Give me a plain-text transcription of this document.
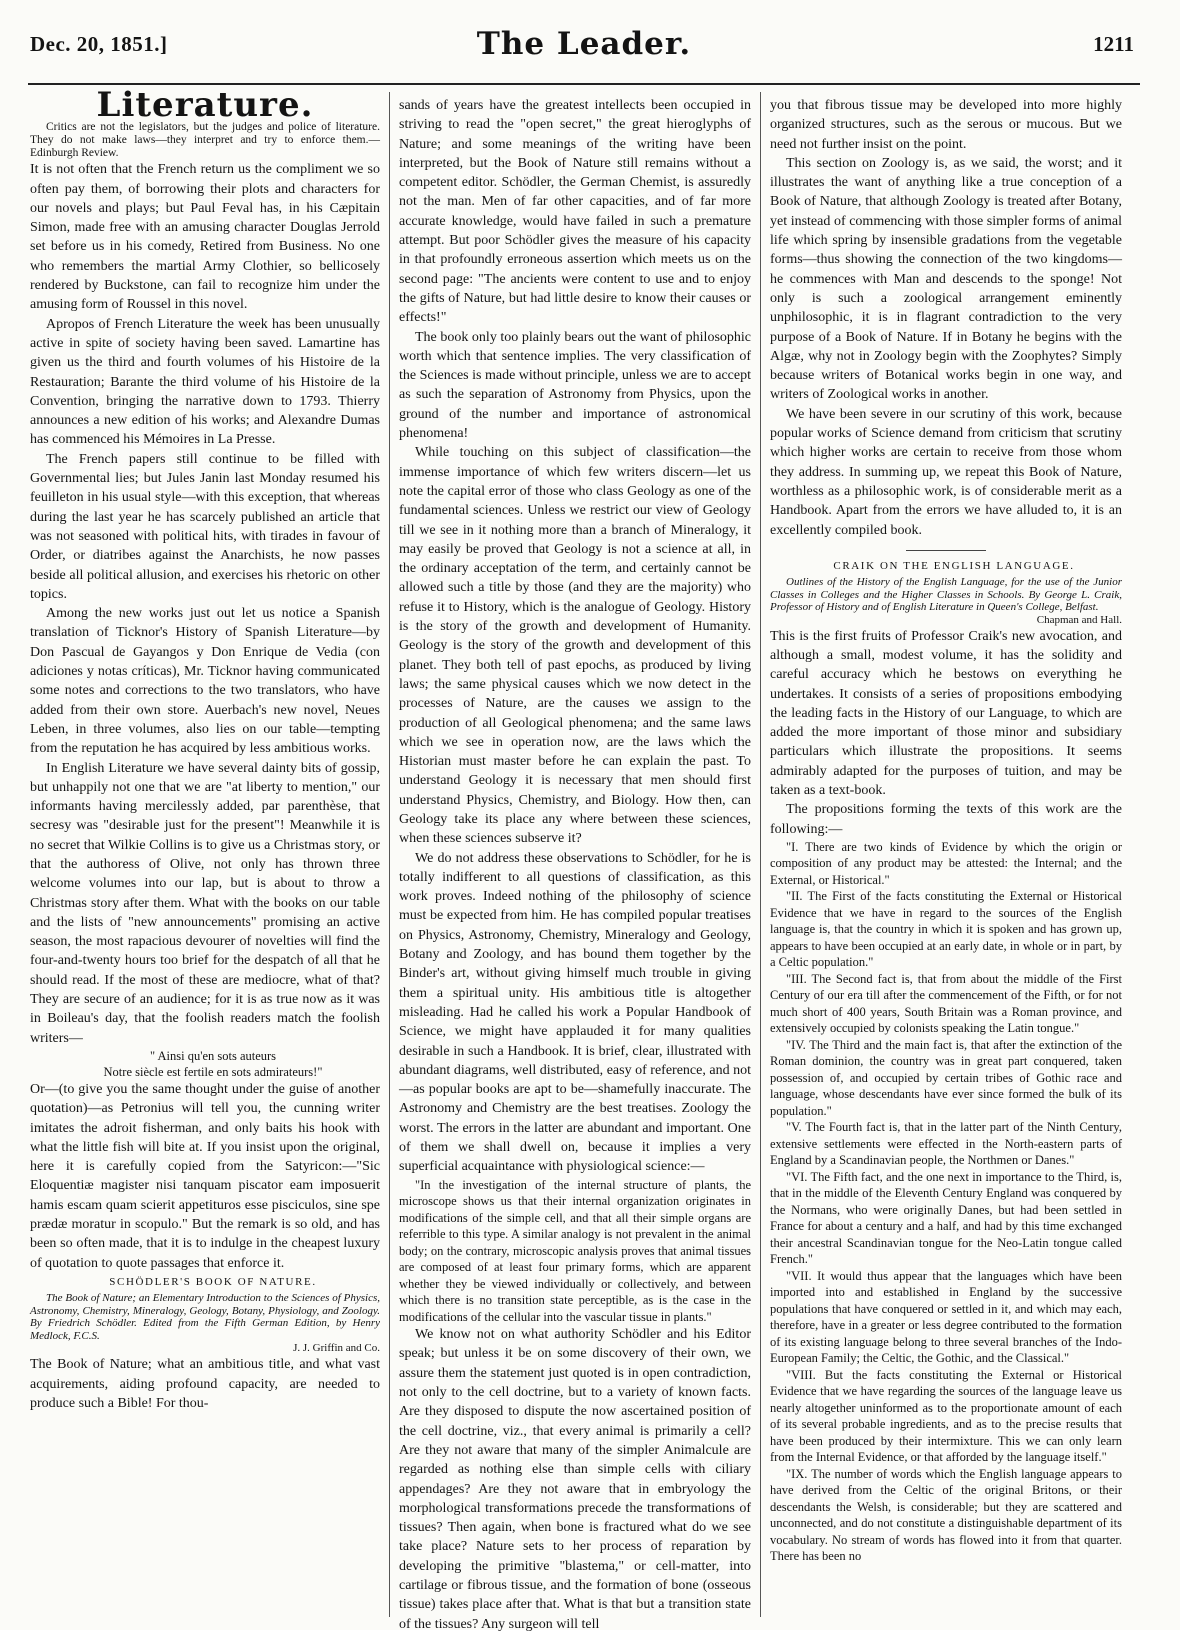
Dec. 20, 1851.]	The Leader.	1211
Literature.

Critics are not the legislators, but the judges and police of literature. They do not make laws—they interpret and try to enforce them.—Edinburgh Review.

It is not often that the French return us the compliment we so often pay them, of borrowing their plots and characters for our novels and plays; but Paul Feval has, in his Cæpitain Simon, made free with an amusing character Douglas Jerrold set before us in his comedy, Retired from Business. No one who remembers the martial Army Clothier, so bellicosely rendered by Buckstone, can fail to recognize him under the amusing form of Roussel in this novel.

Apropos of French Literature the week has been unusually active in spite of society having been saved. Lamartine has given us the third and fourth volumes of his Histoire de la Restauration; Barante the third volume of his Histoire de la Convention, bringing the narrative down to 1793. Thierry announces a new edition of his works; and Alexandre Dumas has commenced his Mémoires in La Presse.

The French papers still continue to be filled with Governmental lies; but Jules Janin last Monday resumed his feuilleton in his usual style—with this exception, that whereas during the last year he has scarcely published an article that was not seasoned with political hits, with tirades in favour of Order, or diatribes against the Anarchists, he now passes beside all political allusion, and exercises his rhetoric on other topics.

Among the new works just out let us notice a Spanish translation of Ticknor's History of Spanish Literature—by Don Pascual de Gayangos y Don Enrique de Vedia (con adiciones y notas críticas), Mr. Ticknor having communicated some notes and corrections to the two translators, who have added from their own store. Auerbach's new novel, Neues Leben, in three volumes, also lies on our table—tempting from the reputation he has acquired by less ambitious works.

In English Literature we have several dainty bits of gossip, but unhappily not one that we are "at liberty to mention," our informants having mercilessly added, par parenthèse, that secresy was "desirable just for the present"! Meanwhile it is no secret that Wilkie Collins is to give us a Christmas story, or that the authoress of Olive, not only has thrown three welcome volumes into our lap, but is about to throw a Christmas story after them. What with the books on our table and the lists of "new announcements" promising an active season, the most rapacious devourer of novelties will find the four-and-twenty hours too brief for the despatch of all that he should read. If the most of these are mediocre, what of that? They are secure of an audience; for it is as true now as it was in Boileau's day, that the foolish readers match the foolish writers—

" Ainsi qu'en sots auteurs

Notre siècle est fertile en sots admirateurs!"

Or—(to give you the same thought under the guise of another quotation)—as Petronius will tell you, the cunning writer imitates the adroit fisherman, and only baits his hook with what the little fish will bite at. If you insist upon the original, here it is carefully copied from the Satyricon:—"Sic Eloquentiæ magister nisi tanquam piscator eam imposuerit hamis escam quam scierit appetituros esse pisciculos, sine spe prædæ moratur in scopulo." But the remark is so old, and has been so often made, that it is to indulge in the cheapest luxury of quotation to quote passages that enforce it.

SCHÖDLER'S BOOK OF NATURE.

The Book of Nature; an Elementary Introduction to the Sciences of Physics, Astronomy, Chemistry, Mineralogy, Geology, Botany, Physiology, and Zoology. By Friedrich Schödler. Edited from the Fifth German Edition, by Henry Medlock, F.C.S.

J. J. Griffin and Co.

The Book of Nature; what an ambitious title, and what vast acquirements, aiding profound capacity, are needed to produce such a Bible! For thou-

sands of years have the greatest intellects been occupied in striving to read the "open secret," the great hieroglyphs of Nature; and some meanings of the writing have been interpreted, but the Book of Nature still remains without a competent editor. Schödler, the German Chemist, is assuredly not the man. Men of far other capacities, and of far more accurate knowledge, would have failed in such a premature attempt. But poor Schödler gives the measure of his capacity in that profoundly erroneous assertion which meets us on the second page: "The ancients were content to use and to enjoy the gifts of Nature, but had little desire to know their causes or effects!"

The book only too plainly bears out the want of philosophic worth which that sentence implies. The very classification of the Sciences is made without principle, unless we are to accept as such the separation of Astronomy from Physics, upon the ground of the number and importance of astronomical phenomena!

While touching on this subject of classification—the immense importance of which few writers discern—let us note the capital error of those who class Geology as one of the fundamental sciences. Unless we restrict our view of Geology till we see in it nothing more than a branch of Mineralogy, it may easily be proved that Geology is not a science at all, in the ordinary acceptation of the term, and certainly cannot be allowed such a title by those (and they are the majority) who refuse it to History, which is the analogue of Geology. History is the story of the growth and development of Humanity. Geology is the story of the growth and development of this planet. They both tell of past epochs, as produced by living laws; the same physical causes which we now detect in the processes of Nature, are the causes we assign to the production of all Geological phenomena; and the same laws which we see in operation now, are the laws which the Historian must master before he can explain the past. To understand Geology it is necessary that men should first understand Physics, Chemistry, and Biology. How then, can Geology take its place any where between these sciences, when these sciences subserve it?

We do not address these observations to Schödler, for he is totally indifferent to all questions of classification, as this work proves. Indeed nothing of the philosophy of science must be expected from him. He has compiled popular treatises on Physics, Astronomy, Chemistry, Mineralogy and Geology, Botany and Zoology, and has bound them together by the Binder's art, without giving himself much trouble in giving them a spiritual unity. His ambitious title is altogether misleading. Had he called his work a Popular Handbook of Science, we might have applauded it for many qualities desirable in such a Handbook. It is brief, clear, illustrated with abundant diagrams, well distributed, easy of reference, and not—as popular books are apt to be—shamefully inaccurate. The Astronomy and Chemistry are the best treatises. Zoology the worst. The errors in the latter are abundant and important. One of them we shall dwell on, because it implies a very superficial acquaintance with physiological science:—

"In the investigation of the internal structure of plants, the microscope shows us that their internal organization originates in modifications of the simple cell, and that all their simple organs are referrible to this type. A similar analogy is not prevalent in the animal body; on the contrary, microscopic analysis proves that animal tissues are composed of at least four primary forms, which are apparent whether they be viewed individually or collectively, and between which there is no transition state perceptible, as is the case in the modifications of the cellular into the vascular tissue in plants."

We know not on what authority Schödler and his Editor speak; but unless it be on some discovery of their own, we assure them the statement just quoted is in open contradiction, not only to the cell doctrine, but to a variety of known facts. Are they disposed to dispute the now ascertained position of the cell doctrine, viz., that every animal is primarily a cell? Are they not aware that many of the simpler Animalcule are regarded as nothing else than simple cells with ciliary appendages? Are they not aware that in embryology the morphological transformations precede the transformations of tissues? Then again, when bone is fractured what do we see take place? Nature sets to her process of reparation by developing the primitive "blastema," or cell-matter, into cartilage or fibrous tissue, and the formation of bone (osseous tissue) takes place after that. What is that but a transition state of the tissues? Any surgeon will tell

you that fibrous tissue may be developed into more highly organized structures, such as the serous or mucous. But we need not further insist on the point.

This section on Zoology is, as we said, the worst; and it illustrates the want of anything like a true conception of a Book of Nature, that although Zoology is treated after Botany, yet instead of commencing with those simpler forms of animal life which spring by insensible gradations from the vegetable forms—thus showing the connection of the two kingdoms—he commences with Man and descends to the sponge! Not only is such a zoological arrangement eminently unphilosophic, it is in flagrant contradiction to the very purpose of a Book of Nature. If in Botany he begins with the Algæ, why not in Zoology begin with the Zoophytes? Simply because writers of Botanical works begin in one way, and writers of Zoological works in another.

We have been severe in our scrutiny of this work, because popular works of Science demand from criticism that scrutiny which higher works are certain to receive from those whom they address. In summing up, we repeat this Book of Nature, worthless as a philosophic work, is of considerable merit as a Handbook. Apart from the errors we have alluded to, it is an excellently compiled book.

CRAIK ON THE ENGLISH LANGUAGE.

Outlines of the History of the English Language, for the use of the Junior Classes in Colleges and the Higher Classes in Schools. By George L. Craik, Professor of History and of English Literature in Queen's College, Belfast.

Chapman and Hall.

This is the first fruits of Professor Craik's new avocation, and although a small, modest volume, it has the solidity and careful accuracy which he bestows on everything he undertakes. It consists of a series of propositions embodying the leading facts in the History of our Language, to which are added the more important of those minor and subsidiary particulars which illustrate the propositions. It seems admirably adapted for the purposes of tuition, and may be taken as a text-book.

The propositions forming the texts of this work are the following:—

"I. There are two kinds of Evidence by which the origin or composition of any product may be attested: the Internal; and the External, or Historical."

"II. The First of the facts constituting the External or Historical Evidence that we have in regard to the sources of the English language is, that the country in which it is spoken and has grown up, appears to have been occupied at an early date, in whole or in part, by a Celtic population."

"III. The Second fact is, that from about the middle of the First Century of our era till after the commencement of the Fifth, or for not much short of 400 years, South Britain was a Roman province, and extensively occupied by colonists speaking the Latin tongue."

"IV. The Third and the main fact is, that after the extinction of the Roman dominion, the country was in great part conquered, taken possession of, and occupied by certain tribes of Gothic race and language, whose descendants have ever since formed the bulk of its population."

"V. The Fourth fact is, that in the latter part of the Ninth Century, extensive settlements were effected in the North-eastern parts of England by a Scandinavian people, the Northmen or Danes."

"VI. The Fifth fact, and the one next in importance to the Third, is, that in the middle of the Eleventh Century England was conquered by the Normans, who were originally Danes, but had been settled in France for about a century and a half, and had by this time exchanged their ancestral Scandinavian tongue for the Neo-Latin tongue called French."

"VII. It would thus appear that the languages which have been imported into and established in England by the successive populations that have conquered or settled in it, and which may each, therefore, have in a greater or less degree contributed to the formation of its existing language belong to three several branches of the Indo-European Family; the Celtic, the Gothic, and the Classical."

"VIII. But the facts constituting the External or Historical Evidence that we have regarding the sources of the language leave us nearly altogether uninformed as to the proportionate amount of each of its several probable ingredients, and as to the precise results that have been produced by their intermixture. This we can only learn from the Internal Evidence, or that afforded by the language itself."

"IX. The number of words which the English language appears to have derived from the Celtic of the original Britons, or their descendants the Welsh, is considerable; but they are scattered and unconnected, and do not constitute a distinguishable department of its vocabulary. No stream of words has flowed into it from that quarter. There has been no
